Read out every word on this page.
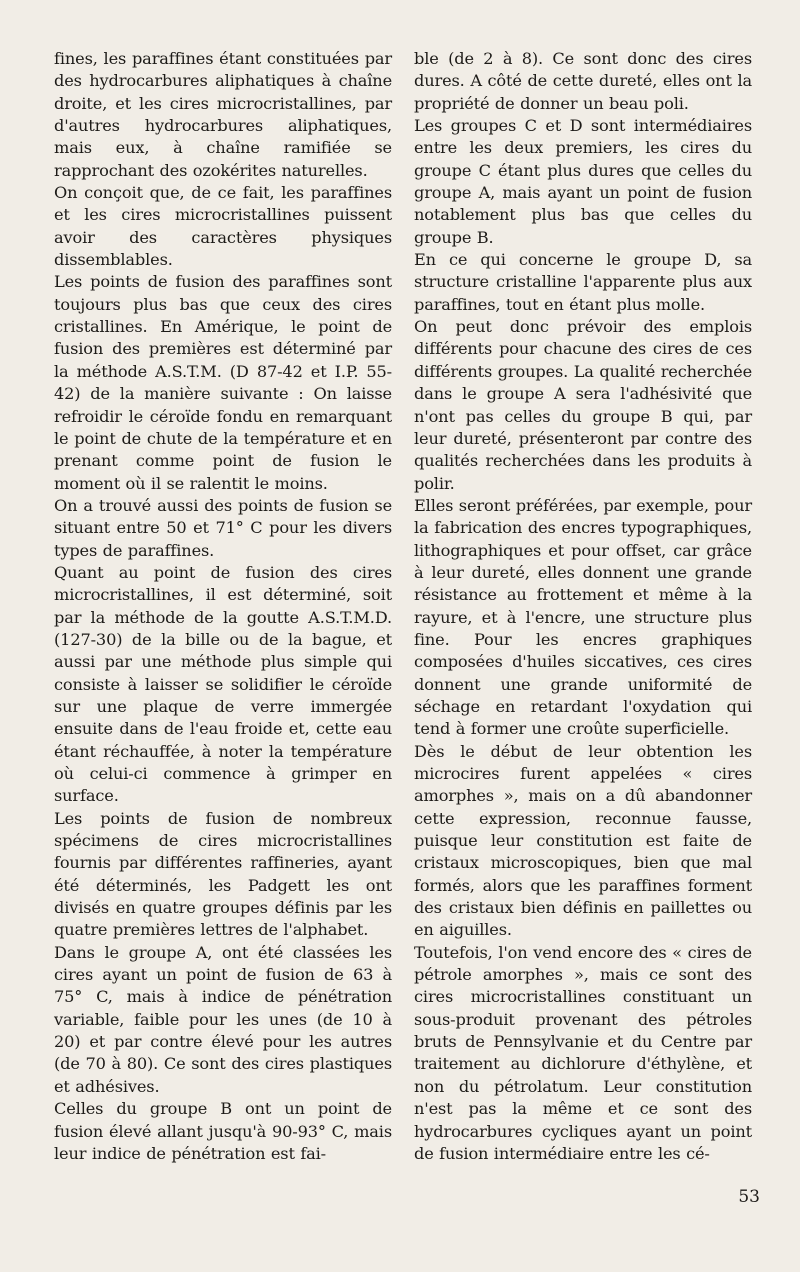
fines, les paraffines étant constituées par des hydrocarbures aliphatiques à chaîne droite, et les cires microcristallines, par d'autres hydrocarbures aliphatiques, mais eux, à chaîne ramifiée se rapprochant des ozokérites naturelles.

On conçoit que, de ce fait, les paraffines et les cires microcristallines puissent avoir des caractères physiques dissemblables.

Les points de fusion des paraffines sont toujours plus bas que ceux des cires cristallines. En Amérique, le point de fusion des premières est déterminé par la méthode A.S.T.M. (D 87-42 et I.P. 55-42) de la manière suivante : On laisse refroidir le céroïde fondu en remarquant le point de chute de la température et en prenant comme point de fusion le moment où il se ralentit le moins.

On a trouvé aussi des points de fusion se situant entre 50 et 71° C pour les divers types de paraffines.

Quant au point de fusion des cires microcristallines, il est déterminé, soit par la méthode de la goutte A.S.T.M.D. (127-30) de la bille ou de la bague, et aussi par une méthode plus simple qui consiste à laisser se solidifier le céroïde sur une plaque de verre immergée ensuite dans de l'eau froide et, cette eau étant réchauffée, à noter la température où celui-ci commence à grimper en surface.

Les points de fusion de nombreux spécimens de cires microcristallines fournis par différentes raffineries, ayant été déterminés, les Padgett les ont divisés en quatre groupes définis par les quatre premières lettres de l'alphabet.

Dans le groupe A, ont été classées les cires ayant un point de fusion de 63 à 75° C, mais à indice de pénétration variable, faible pour les unes (de 10 à 20) et par contre élevé pour les autres (de 70 à 80). Ce sont des cires plastiques et adhésives.

Celles du groupe B ont un point de fusion élevé allant jusqu'à 90-93° C, mais leur indice de pénétration est fai-

ble (de 2 à 8). Ce sont donc des cires dures. A côté de cette dureté, elles ont la propriété de donner un beau poli.

Les groupes C et D sont intermédiaires entre les deux premiers, les cires du groupe C étant plus dures que celles du groupe A, mais ayant un point de fusion notablement plus bas que celles du groupe B.

En ce qui concerne le groupe D, sa structure cristalline l'apparente plus aux paraffines, tout en étant plus molle.

On peut donc prévoir des emplois différents pour chacune des cires de ces différents groupes. La qualité recherchée dans le groupe A sera l'adhésivité que n'ont pas celles du groupe B qui, par leur dureté, présenteront par contre des qualités recherchées dans les produits à polir.

Elles seront préférées, par exemple, pour la fabrication des encres typographiques, lithographiques et pour offset, car grâce à leur dureté, elles donnent une grande résistance au frottement et même à la rayure, et à l'encre, une structure plus fine. Pour les encres graphiques composées d'huiles siccatives, ces cires donnent une grande uniformité de séchage en retardant l'oxydation qui tend à former une croûte superficielle.

Dès le début de leur obtention les microcires furent appelées « cires amorphes », mais on a dû abandonner cette expression, reconnue fausse, puisque leur constitution est faite de cristaux microscopiques, bien que mal formés, alors que les paraffines forment des cristaux bien définis en paillettes ou en aiguilles.

Toutefois, l'on vend encore des « cires de pétrole amorphes », mais ce sont des cires microcristallines constituant un sous-produit provenant des pétroles bruts de Pennsylvanie et du Centre par traitement au dichlorure d'éthylène, et non du pétrolatum. Leur constitution n'est pas la même et ce sont des hydrocarbures cycliques ayant un point de fusion intermédiaire entre les cé-

53
